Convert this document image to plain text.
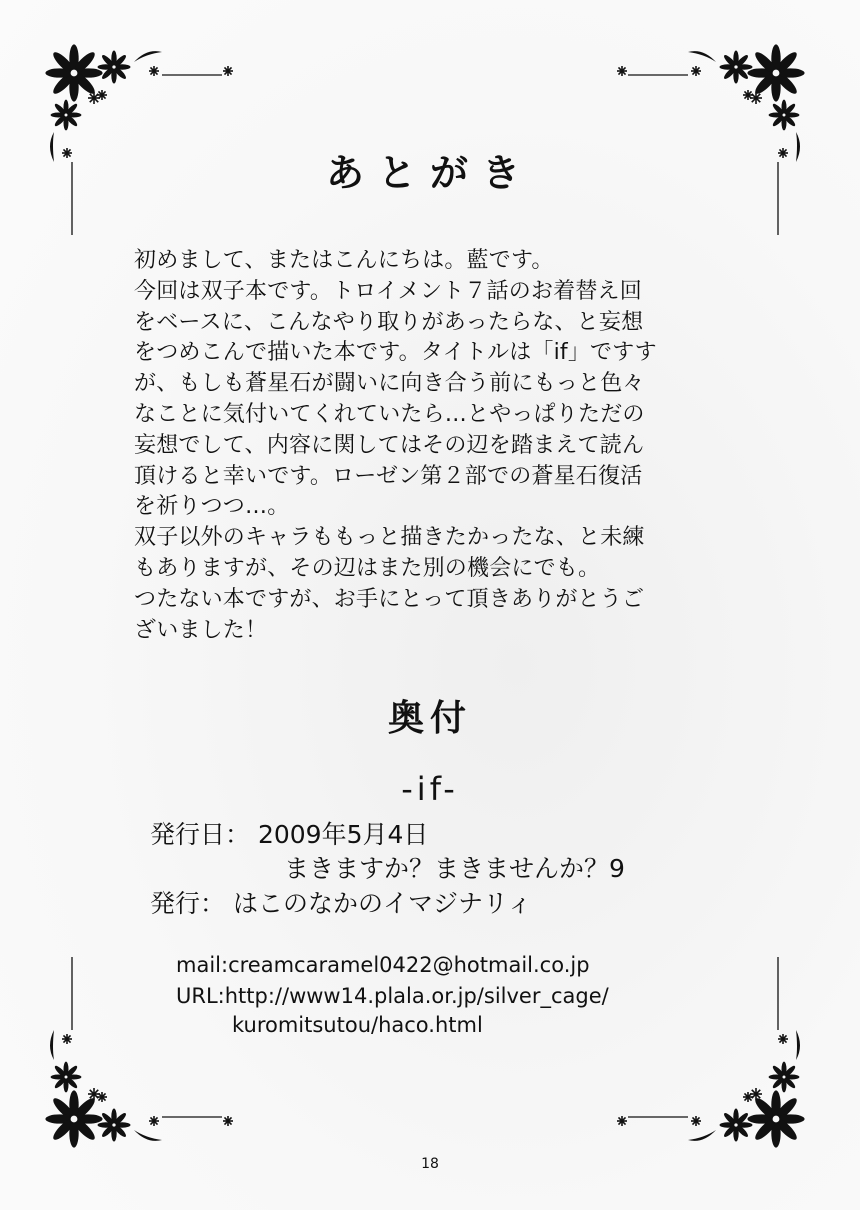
あとがき
初めまして、またはこんにちは。藍です。
今回は双子本です。トロイメント７話のお着替え回
をベースに、こんなやり取りがあったらな、と妄想
をつめこんで描いた本です。タイトルは「if」ですす
が、もしも蒼星石が闘いに向き合う前にもっと色々
なことに気付いてくれていたら…とやっぱりただの
妄想でして、内容に関してはその辺を踏まえて読ん
頂けると幸いです。ローゼン第２部での蒼星石復活
を祈りつつ…。
双子以外のキャラももっと描きたかったな、と未練
もありますが、その辺はまた別の機会にでも。
つたない本ですが、お手にとって頂きありがとうご
ざいました！
奥付
-if-
発行日： 2009年5月4日
まきますか？まきませんか？9
発行： はこのなかのイマジナリィ
mail:creamcaramel0422@hotmail.co.jp
URL:http://www14.plala.or.jp/silver_cage/
kuromitsutou/haco.html
18
